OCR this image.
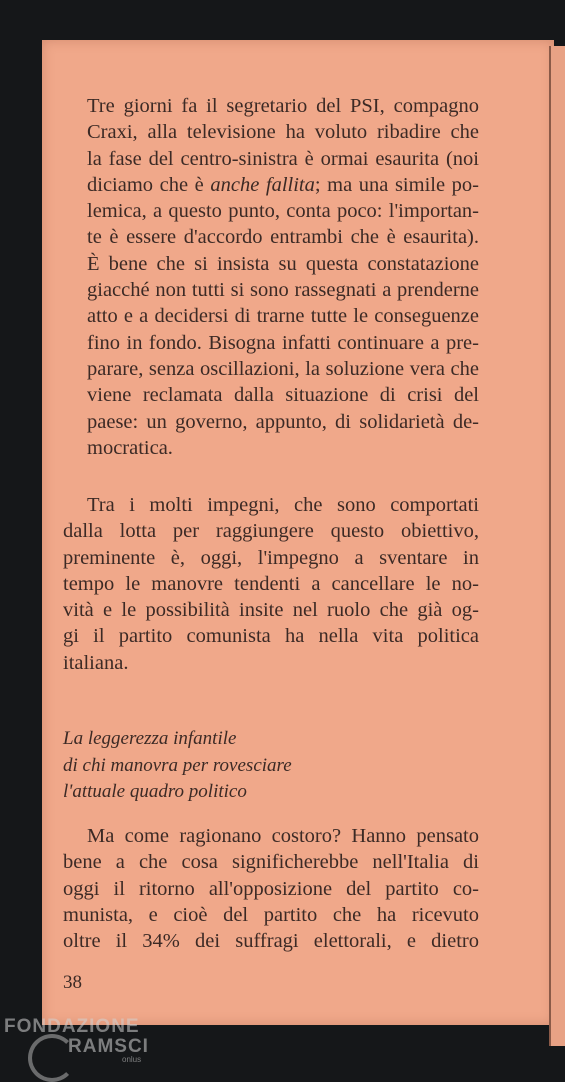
Tre giorni fa il segretario del PSI, compagno
Craxi, alla televisione ha voluto ribadire che
la fase del centro-sinistra è ormai esaurita (noi
diciamo che è anche fallita; ma una simile po-
lemica, a questo punto, conta poco: l'importan-
te è essere d'accordo entrambi che è esaurita).
È bene che si insista su questa constatazione
giacché non tutti si sono rassegnati a prenderne
atto e a decidersi di trarne tutte le conseguenze
fino in fondo. Bisogna infatti continuare a pre-
parare, senza oscillazioni, la soluzione vera che
viene reclamata dalla situazione di crisi del
paese: un governo, appunto, di solidarietà de-
mocratica.

Tra i molti impegni, che sono comportati
dalla lotta per raggiungere questo obiettivo,
preminente è, oggi, l'impegno a sventare in
tempo le manovre tendenti a cancellare le no-
vità e le possibilità insite nel ruolo che già og-
gi il partito comunista ha nella vita politica
italiana.

La leggerezza infantile
di chi manovra per rovesciare
l'attuale quadro politico

Ma come ragionano costoro? Hanno pensato
bene a che cosa significherebbe nell'Italia di
oggi il ritorno all'opposizione del partito co-
munista, e cioè del partito che ha ricevuto
oltre il 34% dei suffragi elettorali, e dietro

38
FONDAZIONE
RAMSCI
onlus
